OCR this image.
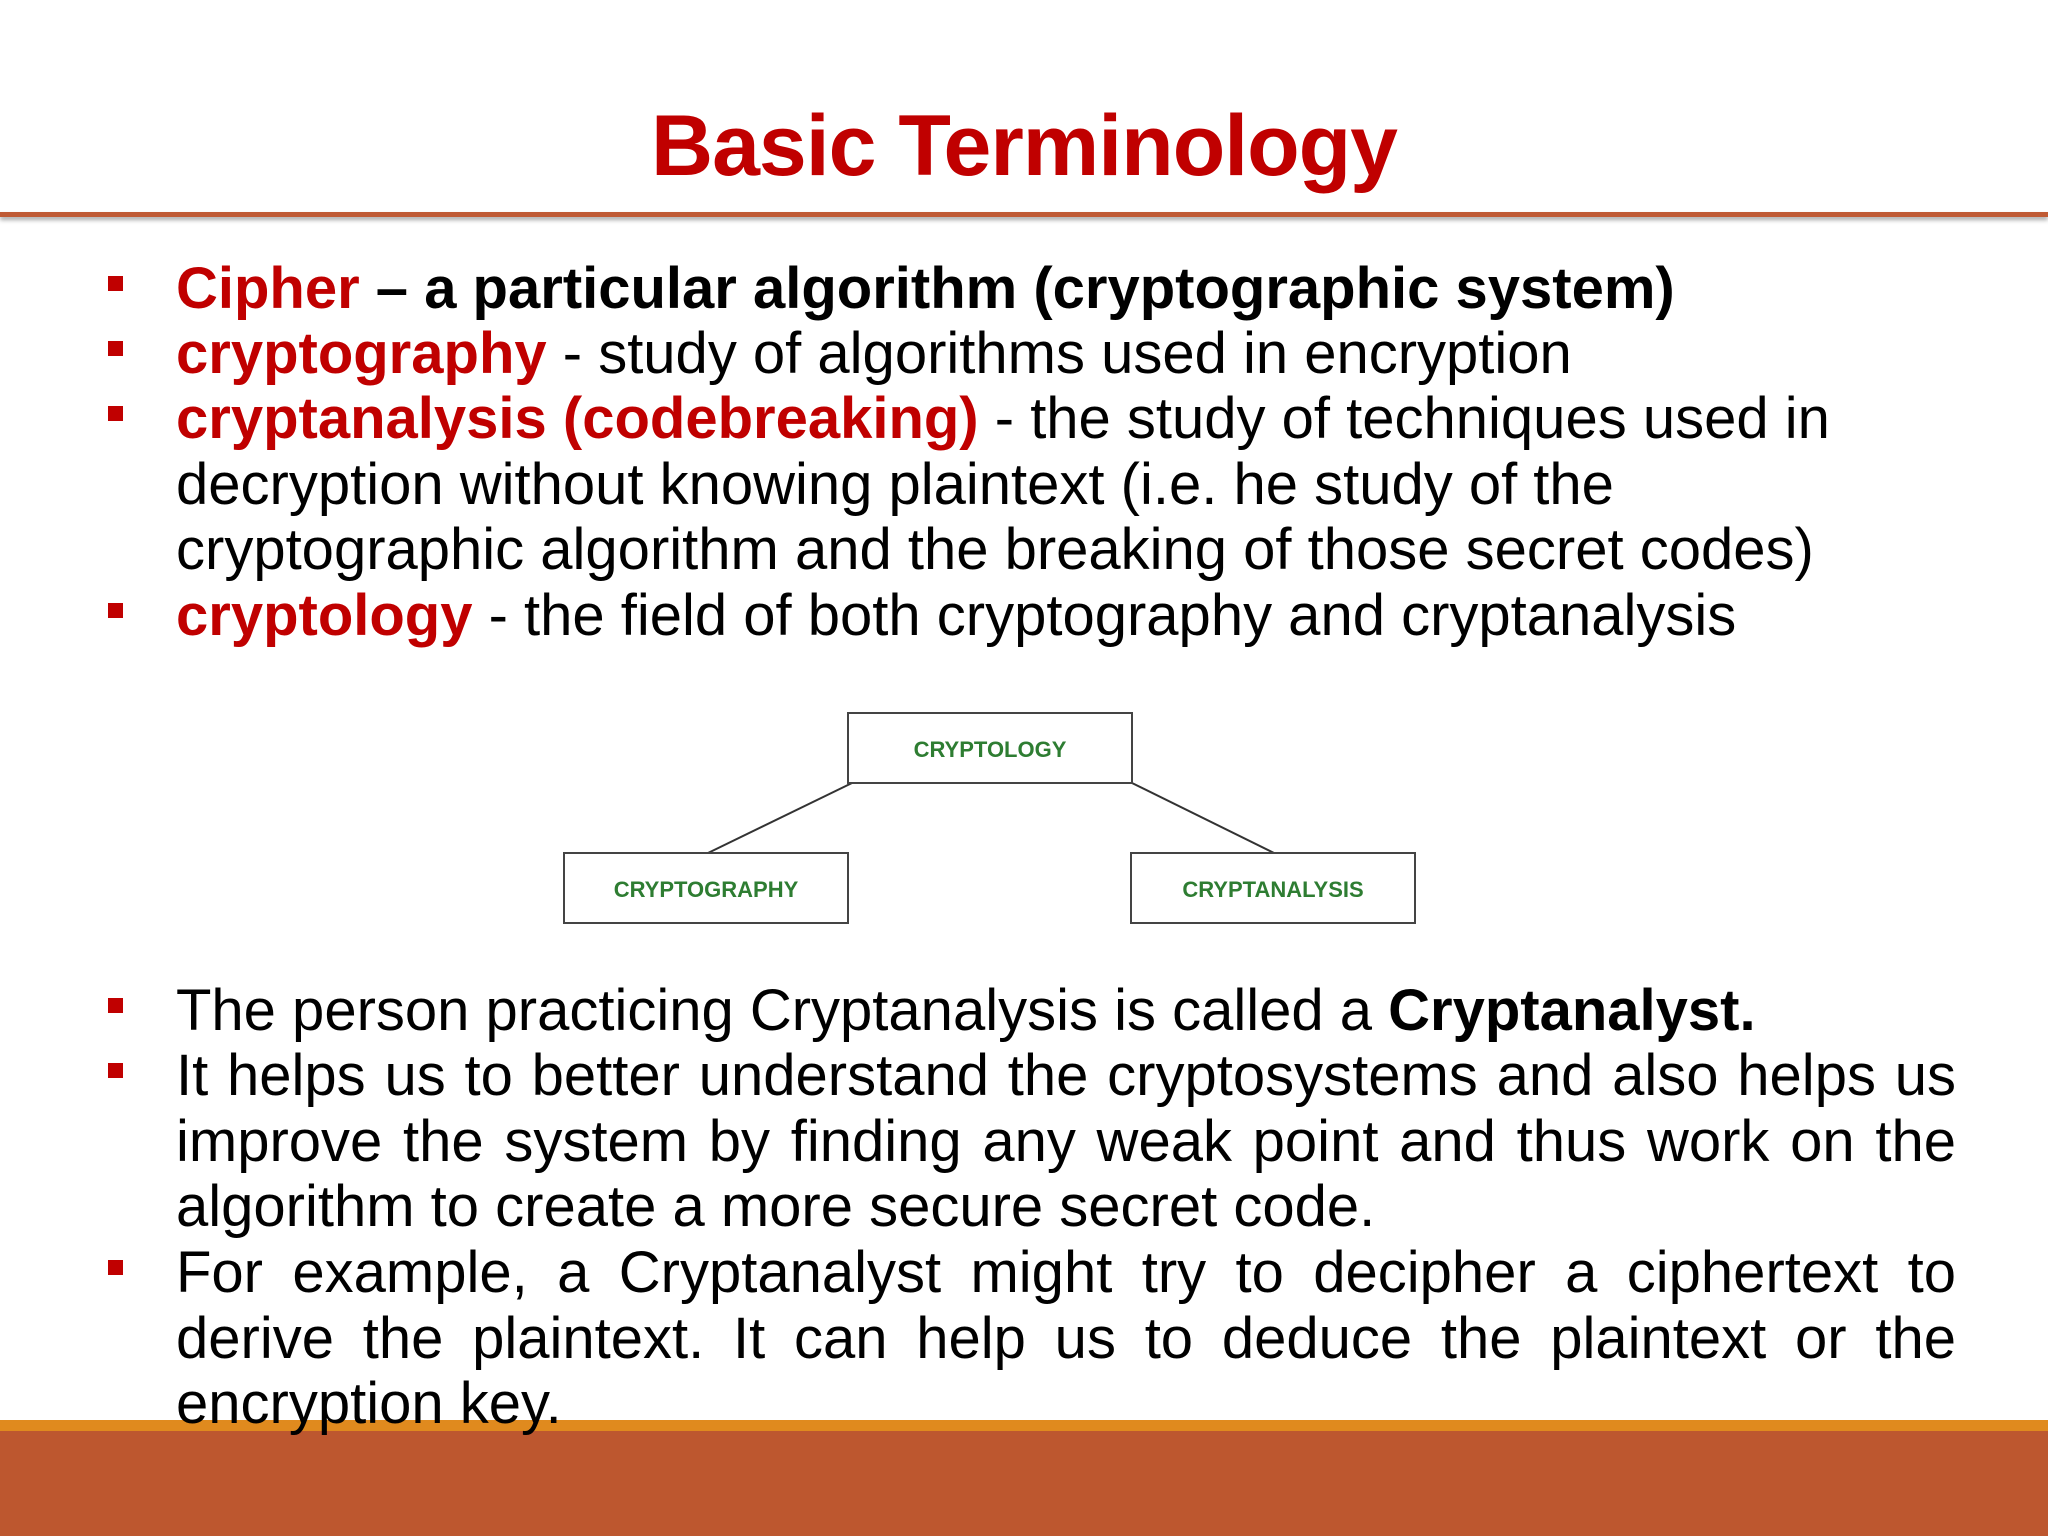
Basic Terminology
Cipher – a particular algorithm (cryptographic system)
cryptography - study of algorithms used in encryption
cryptanalysis (codebreaking) - the study of techniques used in decryption without knowing plaintext (i.e. he study of the cryptographic algorithm and the breaking of those secret codes)
cryptology - the field of both cryptography and cryptanalysis
CRYPTOLOGY
CRYPTOGRAPHY	CRYPTANALYSIS
The person practicing Cryptanalysis is called a Cryptanalyst.
It helps us to better understand the cryptosystems and also helps us improve the system by finding any weak point and thus work on the algorithm to create a more secure secret code.
For example, a Cryptanalyst might try to decipher a ciphertext to derive the plaintext. It can help us to deduce the plaintext or the encryption key.
